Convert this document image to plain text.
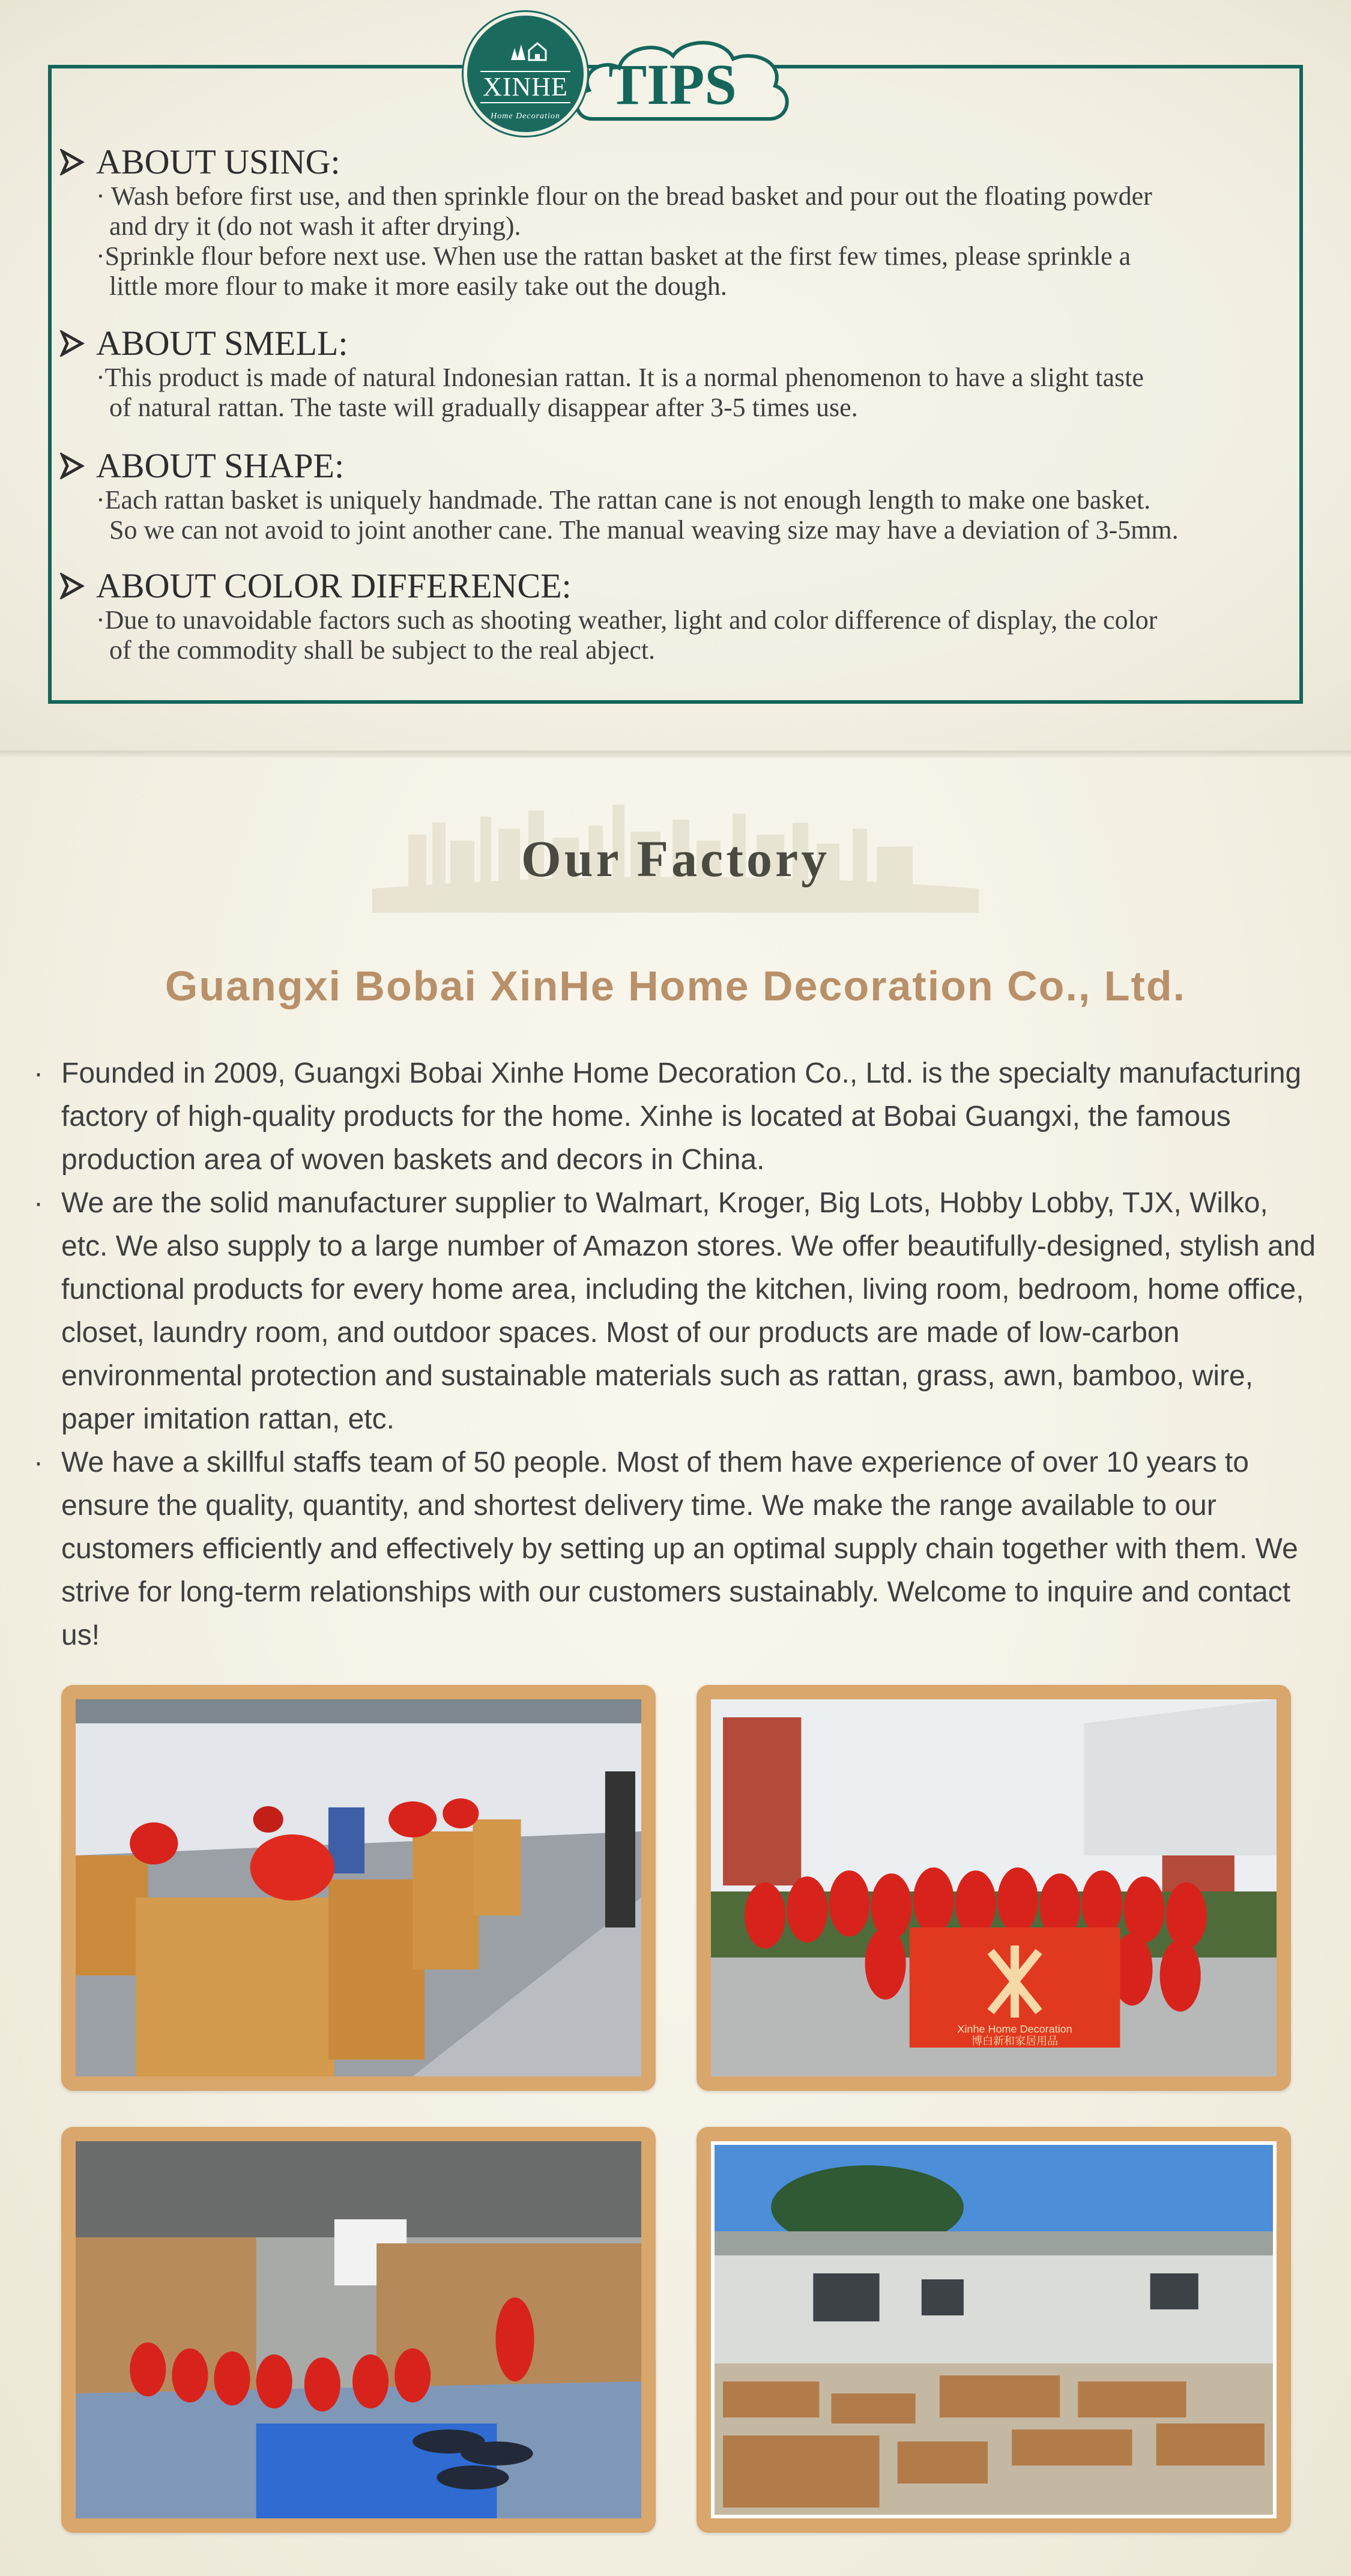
TIPS
XINHE
Home Decoration
ABOUT USING:
· Wash before first use, and then sprinkle flour on the bread basket and pour out the floating powder
and dry it (do not wash it after drying).
·Sprinkle flour before next use. When use the rattan basket at the first few times, please sprinkle a
little more flour to make it more easily take out the dough.
ABOUT SMELL:
·This product is made of natural Indonesian rattan. It is a normal phenomenon to have a slight taste
of natural rattan. The taste will gradually disappear after 3-5 times use.
ABOUT SHAPE:
·Each rattan basket is uniquely handmade. The rattan cane is not enough length to make one basket.
So we can not avoid to joint another cane. The manual weaving size may have a deviation of 3-5mm.
ABOUT COLOR DIFFERENCE:
·Due to unavoidable factors such as shooting weather, light and color difference of display, the color
of the commodity shall be subject to the real abject.
Our Factory
Guangxi Bobai XinHe Home Decoration Co., Ltd.
· Founded in 2009, Guangxi Bobai Xinhe Home Decoration Co., Ltd. is the specialty manufacturing factory of high-quality products for the home. Xinhe is located at Bobai Guangxi, the famous production area of woven baskets and decors in China.
· We are the solid manufacturer supplier to Walmart, Kroger, Big Lots, Hobby Lobby, TJX, Wilko, etc. We also supply to a large number of Amazon stores. We offer beautifully-designed, stylish and functional products for every home area, including the kitchen, living room, bedroom, home office, closet, laundry room, and outdoor spaces. Most of our products are made of low-carbon environmental protection and sustainable materials such as rattan, grass, awn, bamboo, wire, paper imitation rattan, etc.
· We have a skillful staffs team of 50 people. Most of them have experience of over 10 years to ensure the quality, quantity, and shortest delivery time. We make the range available to our customers efficiently and effectively by setting up an optimal supply chain together with them. We strive for long-term relationships with our customers sustainably. Welcome to inquire and contact us!
Xinhe Home Decoration
博白新和家居用品
